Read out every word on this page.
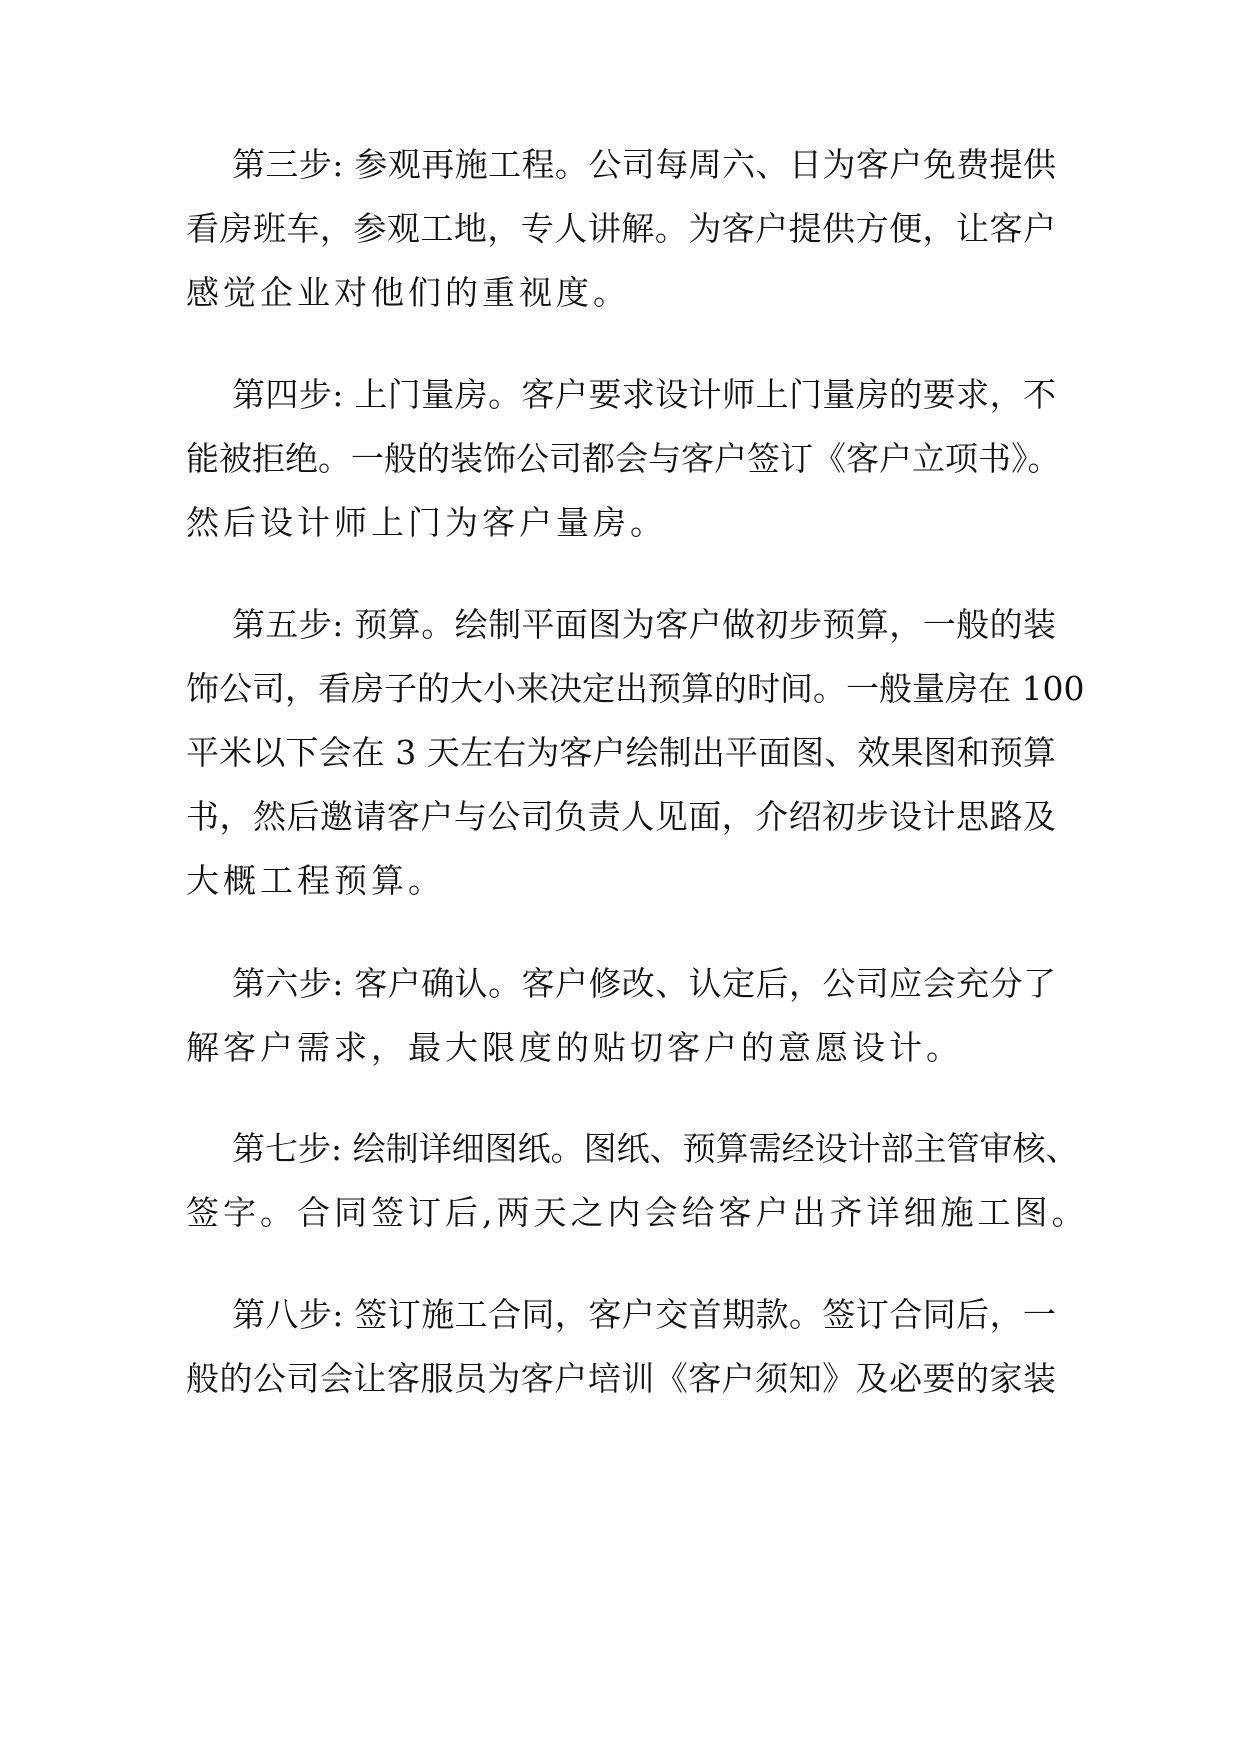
第三步: 参观再施工程。公司每周六、日为客户免费提供
看房班车，参观工地，专人讲解。为客户提供方便，让客户
感觉企业对他们的重视度。
第四步: 上门量房。客户要求设计师上门量房的要求，不
能被拒绝。一般的装饰公司都会与客户签订《客户立项书》。
然后设计师上门为客户量房。
第五步: 预算。绘制平面图为客户做初步预算，一般的装
饰公司，看房子的大小来决定出预算的时间。一般量房在 100
平米以下会在 3 天左右为客户绘制出平面图、效果图和预算
书，然后邀请客户与公司负责人见面，介绍初步设计思路及
大概工程预算。
第六步: 客户确认。客户修改、认定后，公司应会充分了
解客户需求，最大限度的贴切客户的意愿设计。
第七步: 绘制详细图纸。图纸、预算需经设计部主管审核、
签字。合同签订后,两天之内会给客户出齐详细施工图。
第八步: 签订施工合同，客户交首期款。签订合同后，一
般的公司会让客服员为客户培训《客户须知》及必要的家装
